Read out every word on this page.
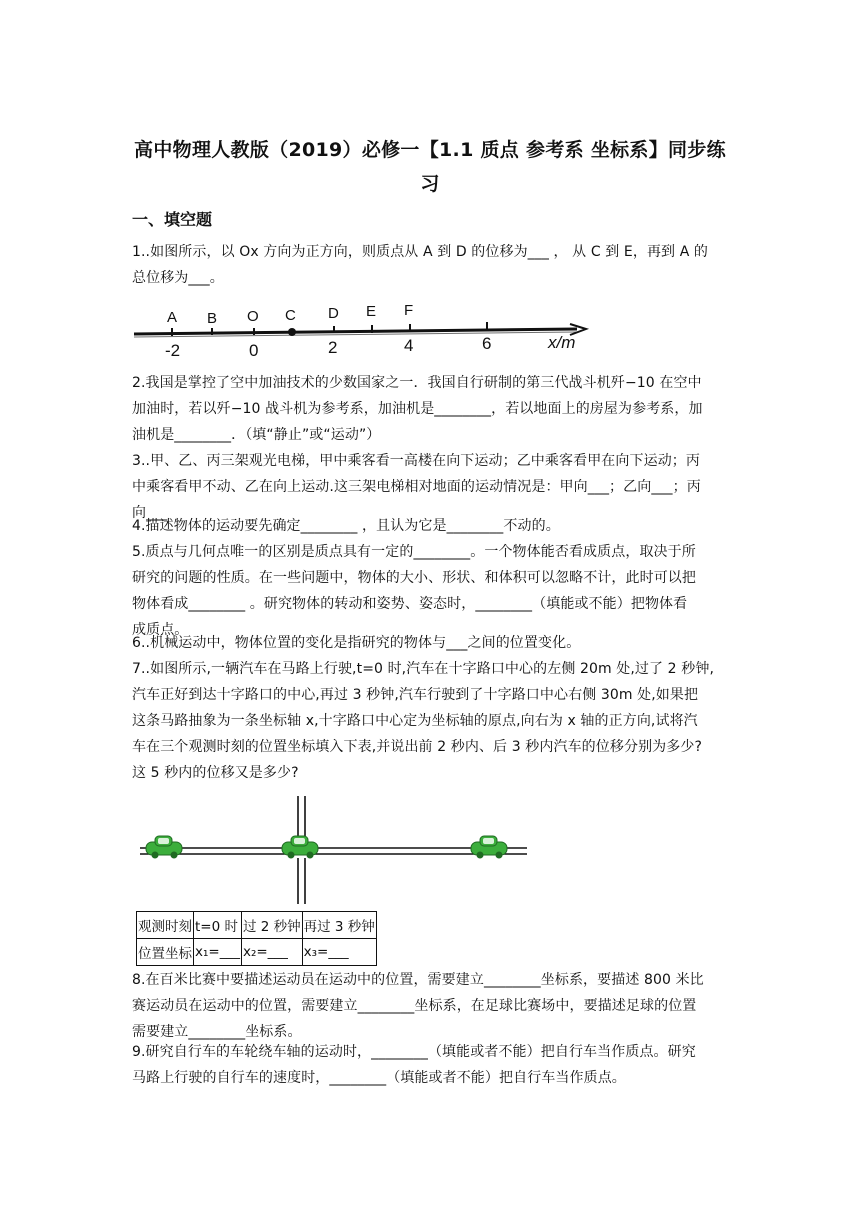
高中物理人教版（2019）必修一【1.1 质点 参考系 坐标系】同步练
习
一、填空题
1..如图所示，以 Ox 方向为正方向，则质点从 A 到 D 的位移为___ ， 从 C 到 E，再到 A 的
总位移为___。
A B O C D E F
-2	0	2	4	6	x/m
2.我国是掌控了空中加油技术的少数国家之一．我国自行研制的第三代战斗机歼−10 在空中
加油时，若以歼−10 战斗机为参考系，加油机是________，若以地面上的房屋为参考系，加
油机是________．（填“静止”或“运动”）
3..甲、乙、丙三架观光电梯，甲中乘客看一高楼在向下运动；乙中乘客看甲在向下运动；丙
中乘客看甲不动、乙在向上运动.这三架电梯相对地面的运动情况是：甲向___；乙向___；丙
向___
4.描述物体的运动要先确定________ ，且认为它是________不动的。
5.质点与几何点唯一的区别是质点具有一定的________。一个物体能否看成质点，取决于所
研究的问题的性质。在一些问题中，物体的大小、形状、和体积可以忽略不计，此时可以把
物体看成________ 。研究物体的转动和姿势、姿态时，________（填能或不能）把物体看
成质点。
6..机械运动中，物体位置的变化是指研究的物体与___之间的位置变化。
7..如图所示,一辆汽车在马路上行驶,t=0 时,汽车在十字路口中心的左侧 20m 处,过了 2 秒钟,
汽车正好到达十字路口的中心,再过 3 秒钟,汽车行驶到了十字路口中心右侧 30m 处,如果把
这条马路抽象为一条坐标轴 x,十字路口中心定为坐标轴的原点,向右为 x 轴的正方向,试将汽
车在三个观测时刻的位置坐标填入下表,并说出前 2 秒内、后 3 秒内汽车的位移分别为多少?
这 5 秒内的位移又是多少?
观测时刻	t=0 时	过 2 秒钟	再过 3 秒钟
位置坐标	x₁=___	x₂=___	x₃=___
8.在百米比赛中要描述运动员在运动中的位置，需要建立________坐标系，要描述 800 米比
赛运动员在运动中的位置，需要建立________坐标系，在足球比赛场中，要描述足球的位置
需要建立________坐标系。
9.研究自行车的车轮绕车轴的运动时，________（填能或者不能）把自行车当作质点。研究
马路上行驶的自行车的速度时，________（填能或者不能）把自行车当作质点。
